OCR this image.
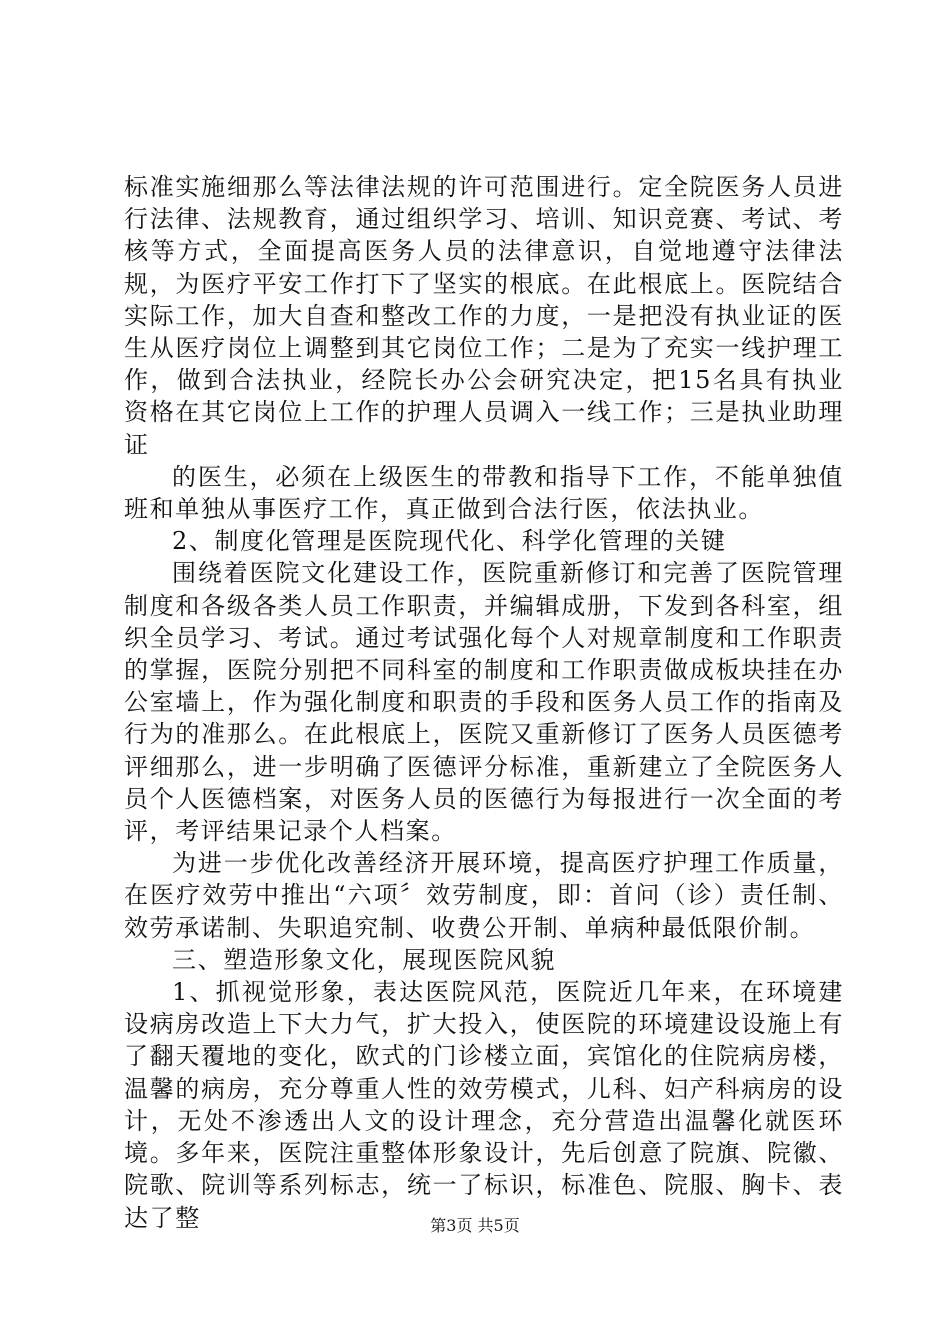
标准实施细那么等法律法规的许可范围进行。定全院医务人员进行法律、法规教育，通过组织学习、培训、知识竞赛、考试、考核等方式，全面提高医务人员的法律意识，自觉地遵守法律法规，为医疗平安工作打下了坚实的根底。在此根底上。医院结合实际工作，加大自查和整改工作的力度，一是把没有执业证的医生从医疗岗位上调整到其它岗位工作；二是为了充实一线护理工作，做到合法执业，经院长办公会研究决定，把15名具有执业资格在其它岗位上工作的护理人员调入一线工作；三是执业助理证

的医生，必须在上级医生的带教和指导下工作，不能单独值班和单独从事医疗工作，真正做到合法行医，依法执业。

2、制度化管理是医院现代化、科学化管理的关键

围绕着医院文化建设工作，医院重新修订和完善了医院管理制度和各级各类人员工作职责，并编辑成册，下发到各科室，组织全员学习、考试。通过考试强化每个人对规章制度和工作职责的掌握，医院分别把不同科室的制度和工作职责做成板块挂在办公室墙上，作为强化制度和职责的手段和医务人员工作的指南及行为的准那么。在此根底上，医院又重新修订了医务人员医德考评细那么，进一步明确了医德评分标准，重新建立了全院医务人员个人医德档案，对医务人员的医德行为每报进行一次全面的考评，考评结果记录个人档案。

为进一步优化改善经济开展环境，提高医疗护理工作质量，在医疗效劳中推出“六项〞效劳制度，即：首问（诊）责任制、效劳承诺制、失职追究制、收费公开制、单病种最低限价制。

三、塑造形象文化，展现医院风貌

1、抓视觉形象，表达医院风范，医院近几年来，在环境建设病房改造上下大力气，扩大投入，使医院的环境建设设施上有了翻天覆地的变化，欧式的门诊楼立面，宾馆化的住院病房楼，温馨的病房，充分尊重人性的效劳模式，儿科、妇产科病房的设计，无处不渗透出人文的设计理念，充分营造出温馨化就医环境。多年来，医院注重整体形象设计，先后创意了院旗、院徽、院歌、院训等系列标志，统一了标识，标准色、院服、胸卡、表达了整	第3页 共5页
